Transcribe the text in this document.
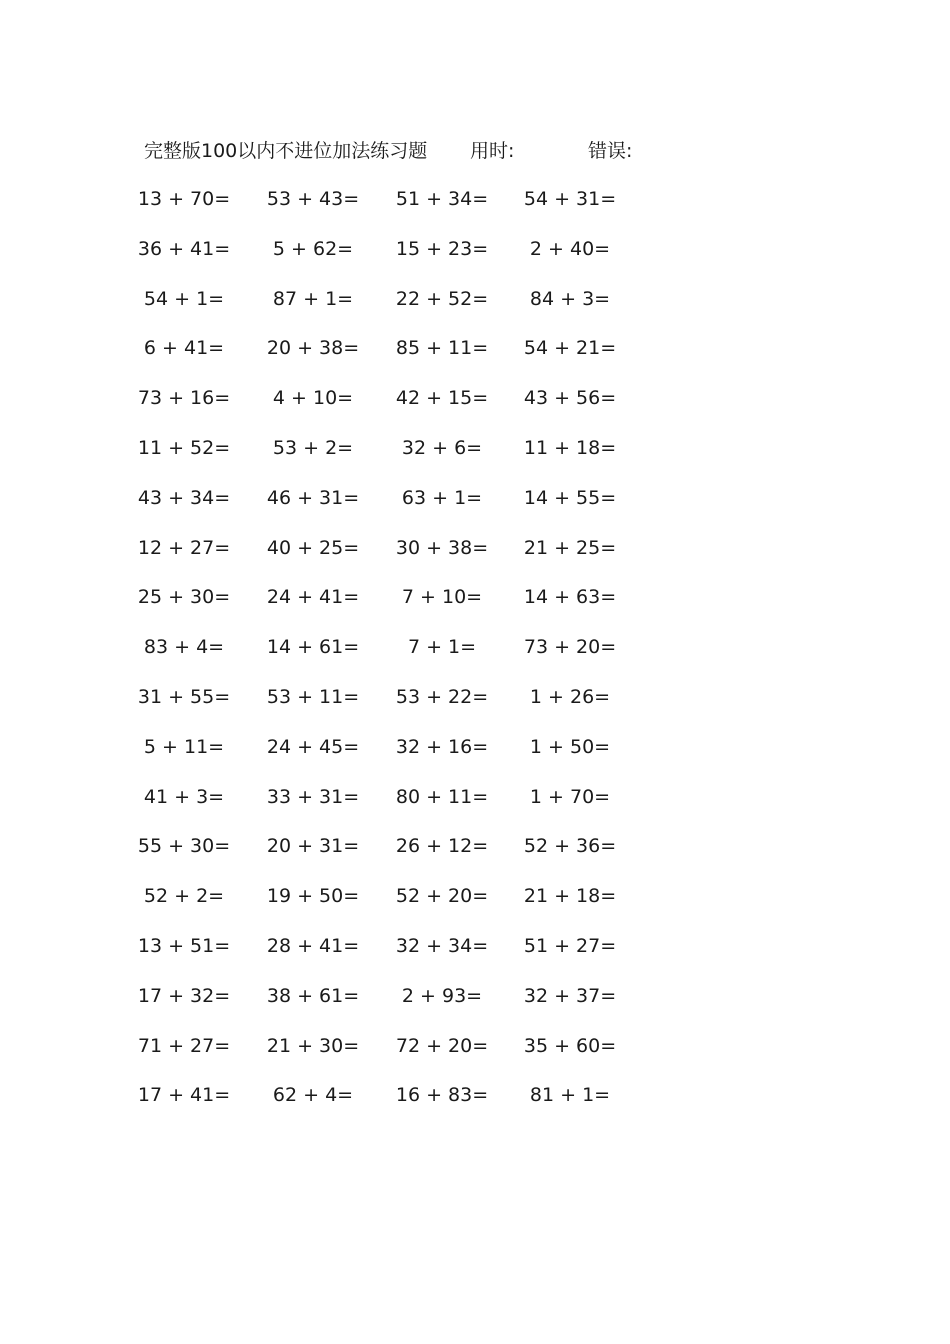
完整版100以内不进位加法练习题 用时:	错误:
13 + 70= 53 + 43= 51 + 34= 54 + 31=
36 + 41=	5 + 62=	15 + 23=	2 + 40=
54 + 1=	87 + 1=	22 + 52=	84 + 3=
6 + 41=	20 + 38= 85 + 11= 54 + 21=
73 + 16=	4 + 10=	42 + 15= 43 + 56=
11 + 52=	53 + 2=	32 + 6=	11 + 18=
43 + 34= 46 + 31=	63 + 1=	14 + 55=
12 + 27= 40 + 25= 30 + 38= 21 + 25=
25 + 30= 24 + 41=	7 + 10=	14 + 63=
83 + 4=	14 + 61=	7 + 1=	73 + 20=
31 + 55= 53 + 11= 53 + 22=	1 + 26=
5 + 11=	24 + 45= 32 + 16=	1 + 50=
41 + 3=	33 + 31= 80 + 11=	1 + 70=
55 + 30= 20 + 31= 26 + 12= 52 + 36=
52 + 2=	19 + 50= 52 + 20= 21 + 18=
13 + 51= 28 + 41= 32 + 34= 51 + 27=
17 + 32= 38 + 61=	2 + 93=	32 + 37=
71 + 27= 21 + 30= 72 + 20= 35 + 60=
17 + 41=	62 + 4=	16 + 83=	81 + 1=
